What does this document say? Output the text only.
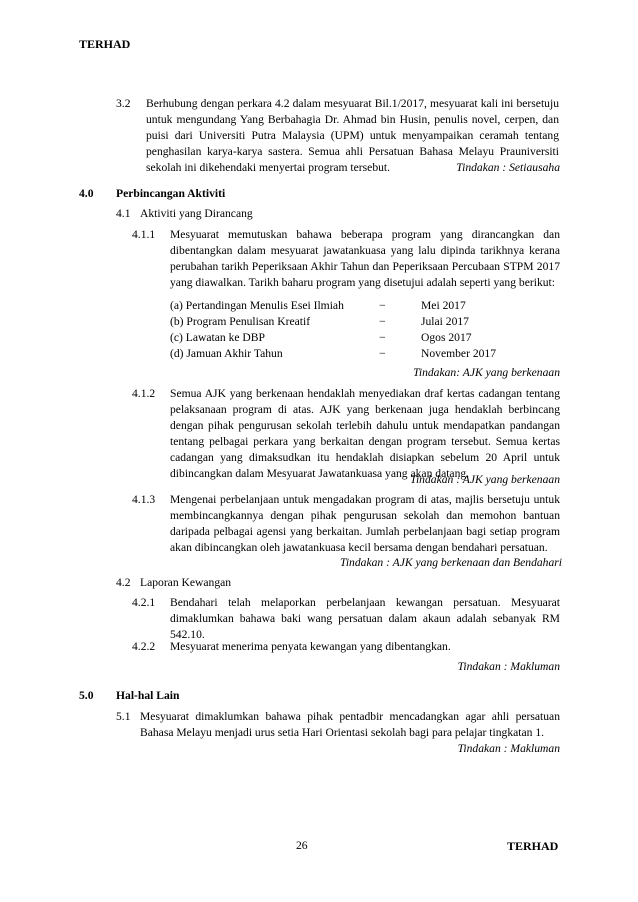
TERHAD
3.2 Berhubung dengan perkara 4.2 dalam mesyuarat Bil.1/2017, mesyuarat kali ini bersetuju untuk mengundang Yang Berbahagia Dr. Ahmad bin Husin, penulis novel, cerpen, dan puisi dari Universiti Putra Malaysia (UPM) untuk menyampaikan ceramah tentang penghasilan karya-karya sastera. Semua ahli Persatuan Bahasa Melayu Prauniversiti sekolah ini dikehendaki menyertai program tersebut.	Tindakan : Setiausaha
4.0 Perbincangan Aktiviti
4.1 Aktiviti yang Dirancang
4.1.1 Mesyuarat memutuskan bahawa beberapa program yang dirancangkan dan dibentangkan dalam mesyuarat jawatankuasa yang lalu dipinda tarikhnya kerana perubahan tarikh Peperiksaan Akhir Tahun dan Peperiksaan Percubaan STPM 2017 yang diawalkan. Tarikh baharu program yang disetujui adalah seperti yang berikut:
(a) Pertandingan Menulis Esei Ilmiah	−	Mei 2017
(b) Program Penulisan Kreatif	−	Julai 2017
(c) Lawatan ke DBP	−	Ogos 2017
(d) Jamuan Akhir Tahun	−	November 2017
Tindakan: AJK yang berkenaan
4.1.2 Semua AJK yang berkenaan hendaklah menyediakan draf kertas cadangan tentang pelaksanaan program di atas. AJK yang berkenaan juga hendaklah berbincang dengan pihak pengurusan sekolah terlebih dahulu untuk mendapatkan pandangan tentang pelbagai perkara yang berkaitan dengan program tersebut. Semua kertas cadangan yang dimaksudkan itu hendaklah disiapkan sebelum 20 April untuk dibincangkan dalam Mesyuarat Jawatankuasa yang akan datang.
Tindakan : AJK yang berkenaan
4.1.3 Mengenai perbelanjaan untuk mengadakan program di atas, majlis bersetuju untuk membincangkannya dengan pihak pengurusan sekolah dan memohon bantuan daripada pelbagai agensi yang berkaitan. Jumlah perbelanjaan bagi setiap program akan dibincangkan oleh jawatankuasa kecil bersama dengan bendahari persatuan.
Tindakan : AJK yang berkenaan dan Bendahari
4.2 Laporan Kewangan
4.2.1 Bendahari telah melaporkan perbelanjaan kewangan persatuan. Mesyuarat dimaklumkan bahawa baki wang persatuan dalam akaun adalah sebanyak RM 542.10.
4.2.2 Mesyuarat menerima penyata kewangan yang dibentangkan.
Tindakan : Makluman
5.0 Hal-hal Lain
5.1 Mesyuarat dimaklumkan bahawa pihak pentadbir mencadangkan agar ahli persatuan Bahasa Melayu menjadi urus setia Hari Orientasi sekolah bagi para pelajar tingkatan 1.
Tindakan : Makluman
26	TERHAD
